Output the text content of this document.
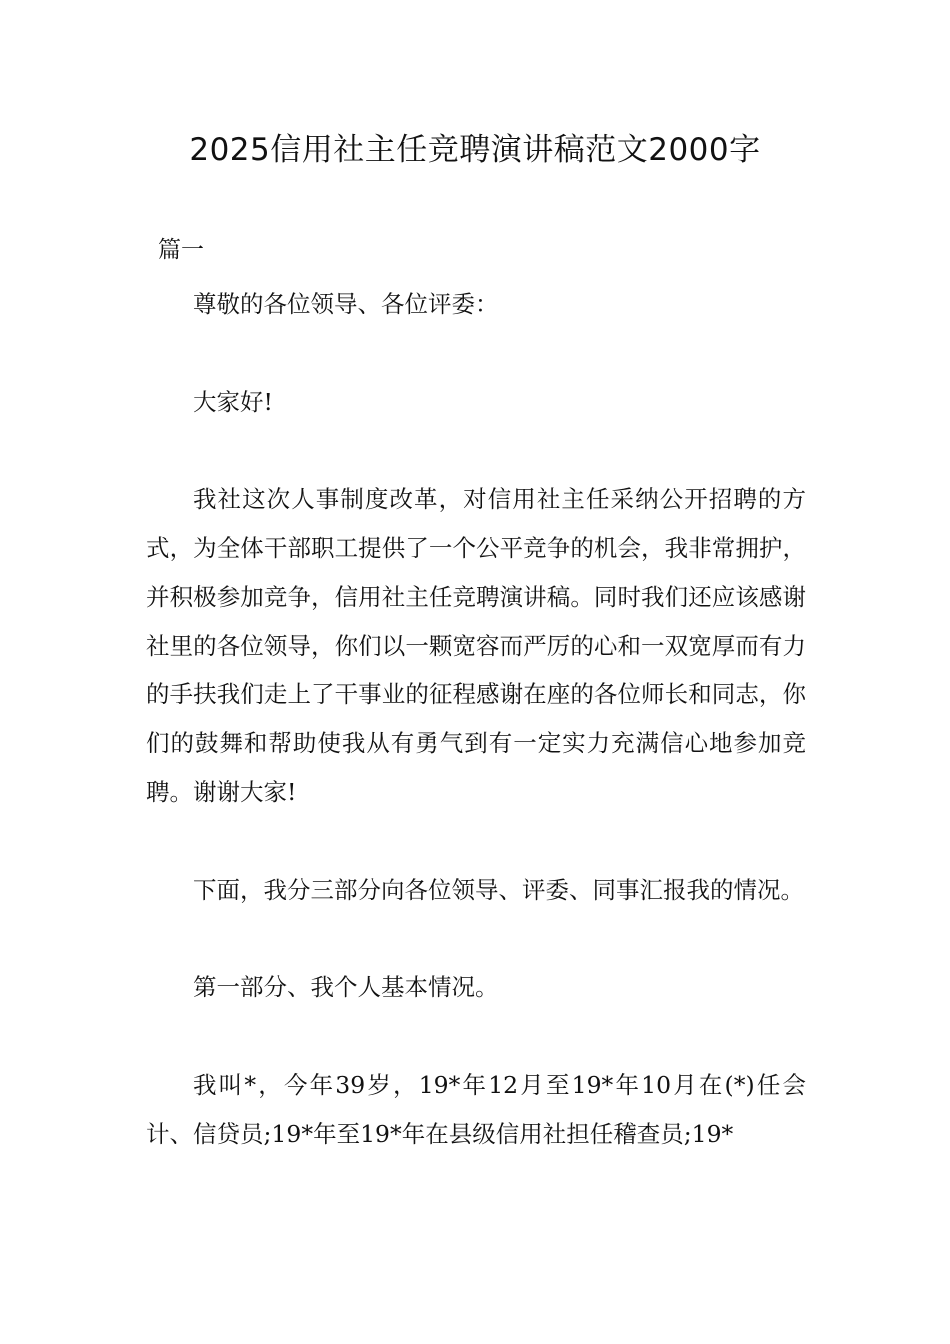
2025信用社主任竞聘演讲稿范文2000字
篇一

尊敬的各位领导、各位评委：

大家好!

我社这次人事制度改革，对信用社主任采纳公开招聘的方式，为全体干部职工提供了一个公平竞争的机会，我非常拥护，并积极参加竞争，信用社主任竞聘演讲稿。同时我们还应该感谢社里的各位领导，你们以一颗宽容而严厉的心和一双宽厚而有力的手扶我们走上了干事业的征程感谢在座的各位师长和同志，你们的鼓舞和帮助使我从有勇气到有一定实力充满信心地参加竞聘。谢谢大家!

下面，我分三部分向各位领导、评委、同事汇报我的情况。

第一部分、我个人基本情况。

我叫*，今年39岁，19*年12月至19*年10月在(*)任会计、信贷员;19*年至19*年在县级信用社担任稽查员;19*
